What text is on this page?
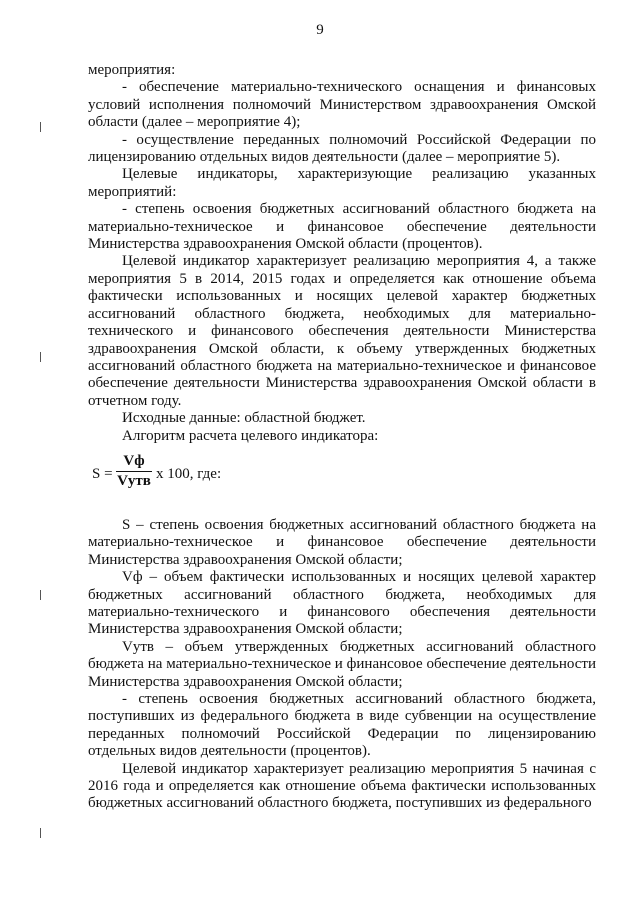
9

мероприятия:

- обеспечение материально-технического оснащения и финансовых условий исполнения полномочий Министерством здравоохранения Омской области (далее – мероприятие 4);

- осуществление переданных полномочий Российской Федерации по лицензированию отдельных видов деятельности (далее – мероприятие 5).

Целевые индикаторы, характеризующие реализацию указанных мероприятий:

- степень освоения бюджетных ассигнований областного бюджета на материально-техническое и финансовое обеспечение деятельности Министерства здравоохранения Омской области (процентов).

Целевой индикатор характеризует реализацию мероприятия 4, а также мероприятия 5 в 2014, 2015 годах и определяется как отношение объема фактически использованных и носящих целевой характер бюджетных ассигнований областного бюджета, необходимых для материально-технического и финансового обеспечения деятельности Министерства здравоохранения Омской области, к объему утвержденных бюджетных ассигнований областного бюджета на материально-техническое и финансовое обеспечение деятельности Министерства здравоохранения Омской области в отчетном году.

Исходные данные: областной бюджет.

Алгоритм расчета целевого индикатора:

S =
Vф
Vутв х 100, где:

S – степень освоения бюджетных ассигнований областного бюджета на материально-техническое и финансовое обеспечение деятельности Министерства здравоохранения Омской области;

Vф – объем фактически использованных и носящих целевой характер бюджетных ассигнований областного бюджета, необходимых для материально-технического и финансового обеспечения деятельности Министерства здравоохранения Омской области;

Vутв – объем утвержденных бюджетных ассигнований областного бюджета на материально-техническое и финансовое обеспечение деятельности Министерства здравоохранения Омской области;

- степень освоения бюджетных ассигнований областного бюджета, поступивших из федерального бюджета в виде субвенции на осуществление переданных полномочий Российской Федерации по лицензированию отдельных видов деятельности (процентов).

Целевой индикатор характеризует реализацию мероприятия 5 начиная с 2016 года и определяется как отношение объема фактически использованных бюджетных ассигнований областного бюджета, поступивших из федерального
